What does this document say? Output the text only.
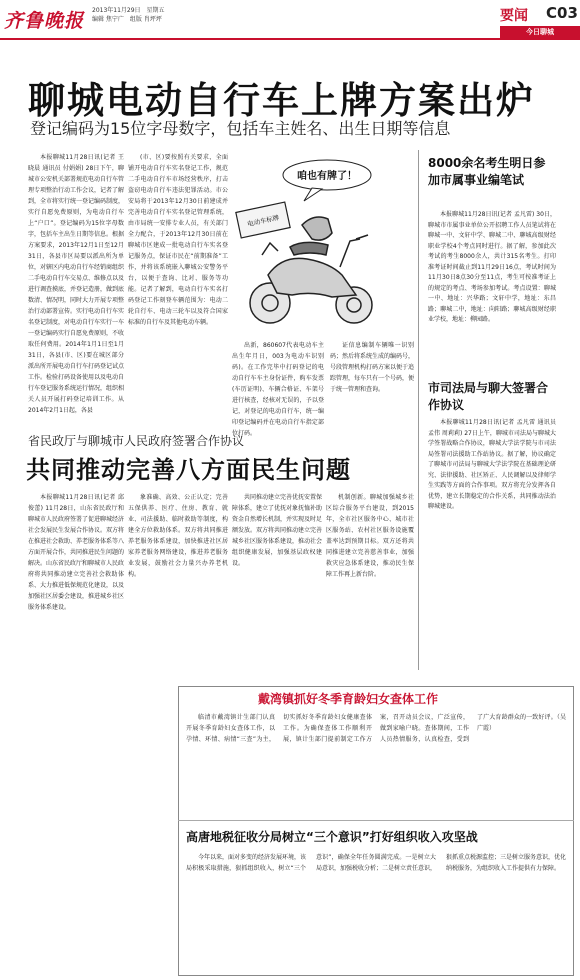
齐鲁晚报 2013年11月29日　星期五
编辑 焦宁广　组版 肖坪坪	要闻 C03
今日聊城
聊城电动自行车上牌方案出炉
登记编码为15位字母数字，包括车主姓名、出生日期等信息

本报聊城11月28日讯(记者 王晓晨 通讯员 付娟娟) 28日下午，聊城市公安机关部署规范电动自行车管理专项整治行动工作会议，记者了解到，全市将实行统一登记编码制度，实行自愿免费原则，为电动自行车上“户口”。登记编码为15位字母数字，包括车主出生日期等信息。根据方案要求，2013年12月1日至12月31日，各县市区局要以派出所为单位，对辖区内电动自行车经销商组织二手电动自行车交易点、维修点以及进行调查摸底，并登记造册，做到底数清、情况明，同时大力开展专项整治行动部署宣传。实行电动自行车实名登记制度，对电动自行车实行一车一登记编码实行自愿免费原则，不收取任何费用。2014年1月1日至1月31日，各县(市、区)要在城区部分派出所开展电动自行车打码登记试点工作。检验打码设备使用以及电动自行车登记服务系统运行情况，组织相关人员开展打码登记培训工作。从2014年2月1日起，各县

(市、区)要按照有关要求，全面铺开电动自行车实名登记工作，规范二手电动自行车市场经营秩序，打击盗窃电动自行车违法犯罪活动。市公安局将于2013年12月30日前建成并完善电动自行车实名登记管理系统，由市局统一安排专业人员，有关部门全力配合，于2013年12月30日前在聊城市区建成一批电动自行车实名登记服务点，保证市民在“前期准备”工作，并将该系统嵌入聊城公安警务平台，以便于查询、比对、服务等功能。记者了解到，电动自行车实名打码登记工作刻登车辆范围为：电动二轮自行车、电动三轮车以及符合国家标准的自行车及其他电动车辆。

咱也有牌了！
电动车标牌

出新，860607代表电动车主出生年月日，003为电动车识别码)。在工作完毕中打码登记的电动自行车车主身份证件，购车发票(车历证明)、车辆合格证、车架号进行核查，经核对无误的，予以登记，对登记的电动自行车，统一编印登记编码并在电动自行车指定部位打码。

证信息编制车辆唯一识别码；然后将系统生成的编码号，号段管理机构打码方案以便于追踪管理，每车只有一个号码，便于统一管理和查询。

8000余名考生明日参加市属事业编笔试

本报聊城11月28日讯(记者 孟凡雷) 30日，聊城市市属事业单位公开招聘工作人员笔试将在聊城一中、文轩中学、聊城二中、聊城高级财经职业学校4个考点同时进行。据了解，参加此次考试的考生8000余人，共计315名考生。打印准考证时间截止到11月29日16点，考试时间为11月30日8点30分至11点，考生可按准考证上的规定的考点、考场参加考试。考点设置：聊城一中、地址：兴华路；文轩中学，地址：东昌路；聊城二中，地址：向阳路；聊城高级财经职业学校，地址：柳园路。

市司法局与聊大签署合作协议

本报聊城11月28日讯(记者 孟凡雷 通讯员 孟伟 周莉莉) 27日上午，聊城市司法局与聊城大学签署战略合作协议，聊城大学法学院与市司法局签署司法援助工作站协议。据了解，协议确定了聊城市司法局与聊城大学法学院在基础理论研究、法律援助、社区矫正、人民调解以及律师学生实践等方面的合作事项。双方将充分发挥各自优势，建立长期稳定的合作关系，共同推动法治聊城建设。

省民政厅与聊城市人民政府签署合作协议
共同推动完善八方面民生问题

本报聊城11月28日讯(记者 邱俊蕾) 11月28日，山东省民政厅和聊城市人民政府签署了促进聊城经济社会发展民生发展合作协议。双方将在推进社会救助、养老服务体系等八方面开展合作，共同推进民生问题的解决。山东省民政厅和聊城市人民政府将共同推动建立完善社会救助体系、大力推进低保规范化建设，以及加强社区居委会建设，推进城乡社区服务体系建设。

象准确、高效、公正认定；完善五保供养、医疗、住房、教育、就业、司法援助、临时救助等制度，构建全方位救助体系。双方将共同推进养老服务体系建设，加快推进社区居家养老服务网络建设，推进养老服务业发展，鼓励社会力量兴办养老机构。

共同推动建立完善优抚安置保障体系，建立了优抚对象抚恤补助资金自然增长机制，并实现及时足额发放。双方将共同推动建立完善城乡社区服务体系建设，推动社会组织健康发展，加强基层政权建设。

机制创新。聊城加强城乡社区综合服务平台建设，到2015年，全市社区服务中心、城市社区服务站、农村社区服务设施覆盖率达到预期目标。双方还将共同推进建立完善慈善事业，加强救灾应急体系建设，推动民生保障工作再上新台阶。

戴湾镇抓好冬季育龄妇女查体工作

临清市戴湾镇计生部门认真开展冬季育龄妇女查体工作，以孕情、环情、病情“三查”为主，切实抓好冬季育龄妇女健康查体工作。为确保查体工作顺利开展，镇计生部门提前制定工作方案，召开动员会议，广泛宣传，做到家喻户晓。查体期间，工作人员热情服务，认真检查，受到了广大育龄群众的一致好评。（吴广霞）

高唐地税征收分局树立“三个意识”打好组织收入攻坚战

今年以来，面对多变的经济发展环境，该局积极采取措施，狠抓组织收入，树立“三个意识”，确保全年任务圆满完成。一是树立大局意识，加强税收分析；二是树立责任意识，狠抓重点税源监控；三是树立服务意识，优化纳税服务，为组织收入工作提供有力保障。
